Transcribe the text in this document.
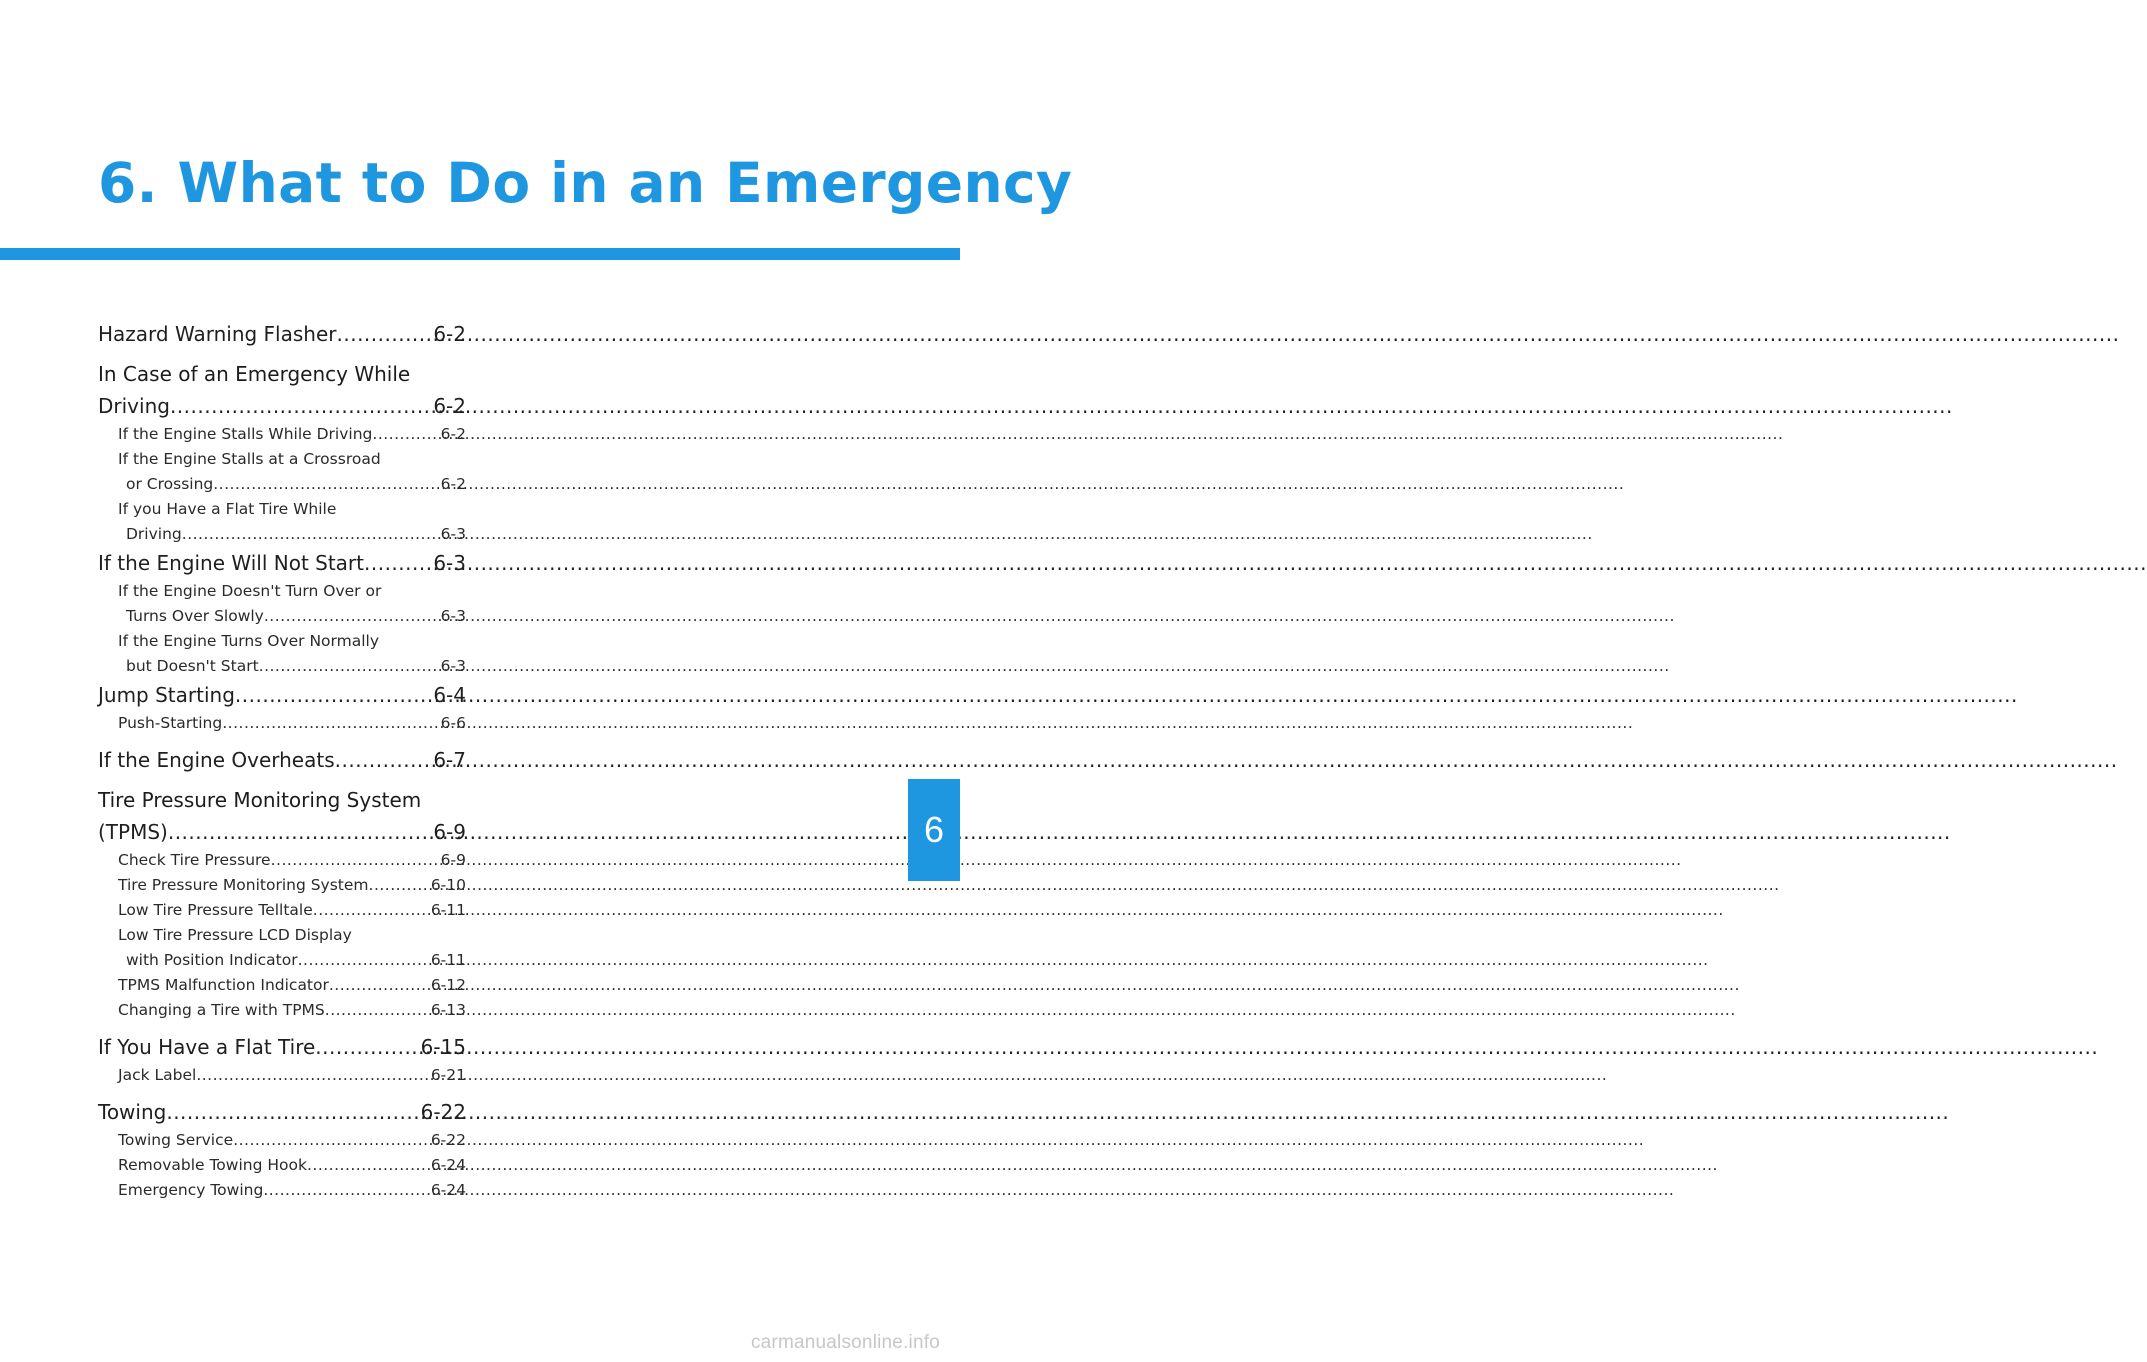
6. What to Do in an Emergency
Hazard Warning Flasher .....	6-2
In Case of an Emergency While
Driving .....	6-2
If the Engine Stalls While Driving .....	6-2
If the Engine Stalls at a Crossroad
or Crossing .....	6-2
If you Have a Flat Tire While
Driving .....	6-3
If the Engine Will Not Start .....	6-3
If the Engine Doesn't Turn Over or
Turns Over Slowly .....	6-3
If the Engine Turns Over Normally
but Doesn't Start .....	6-3
Jump Starting .....	6-4
Push-Starting .....	6-6
If the Engine Overheats .....	6-7
Tire Pressure Monitoring System
(TPMS) .....	6-9
Check Tire Pressure .....	6-9
Tire Pressure Monitoring System .....	6-10
Low Tire Pressure Telltale .....	6-11
Low Tire Pressure LCD Display
with Position Indicator .....	6-11
TPMS Malfunction Indicator .....	6-12
Changing a Tire with TPMS .....	6-13
If You Have a Flat Tire .....	6-15
Jack Label .....	6-21
Towing .....	6-22
Towing Service .....	6-22
Removable Towing Hook .....	6-24
Emergency Towing .....	6-24
6
carmanualsonline.info
